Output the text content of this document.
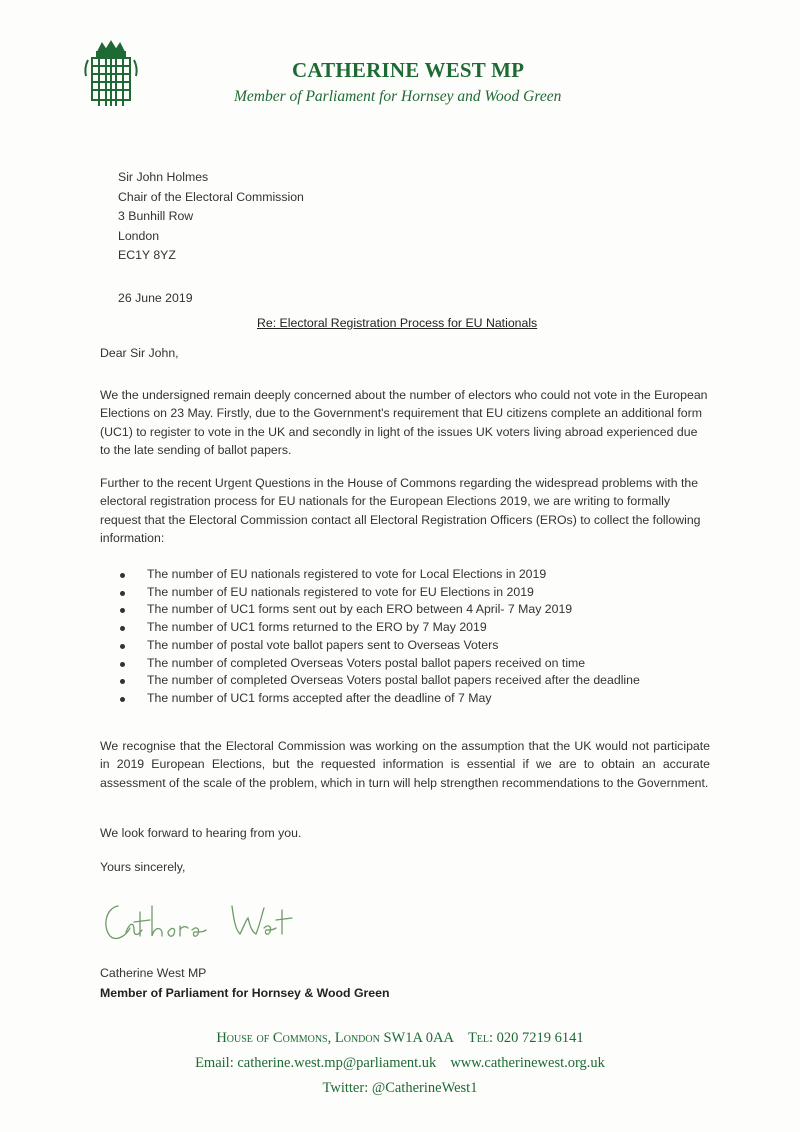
CATHERINE WEST MP
Member of Parliament for Hornsey and Wood Green
Sir John Holmes
Chair of the Electoral Commission
3 Bunhill Row
London
EC1Y 8YZ
26 June 2019
Re: Electoral Registration Process for EU Nationals
Dear Sir John,
We the undersigned remain deeply concerned about the number of electors who could not vote in the European Elections on 23 May. Firstly, due to the Government's requirement that EU citizens complete an additional form (UC1) to register to vote in the UK and secondly in light of the issues UK voters living abroad experienced due to the late sending of ballot papers.
Further to the recent Urgent Questions in the House of Commons regarding the widespread problems with the electoral registration process for EU nationals for the European Elections 2019, we are writing to formally request that the Electoral Commission contact all Electoral Registration Officers (EROs) to collect the following information:
The number of EU nationals registered to vote for Local Elections in 2019
The number of EU nationals registered to vote for EU Elections in 2019
The number of UC1 forms sent out by each ERO between 4 April- 7 May 2019
The number of UC1 forms returned to the ERO by 7 May 2019
The number of postal vote ballot papers sent to Overseas Voters
The number of completed Overseas Voters postal ballot papers received on time
The number of completed Overseas Voters postal ballot papers received after the deadline
The number of UC1 forms accepted after the deadline of 7 May
We recognise that the Electoral Commission was working on the assumption that the UK would not participate in 2019 European Elections, but the requested information is essential if we are to obtain an accurate assessment of the scale of the problem, which in turn will help strengthen recommendations to the Government.
We look forward to hearing from you.
Yours sincerely,
Catherine West MP
Member of Parliament for Hornsey & Wood Green
House of Commons, London SW1A 0AA Tel: 020 7219 6141
Email: catherine.west.mp@parliament.uk www.catherinewest.org.uk
Twitter: @CatherineWest1
